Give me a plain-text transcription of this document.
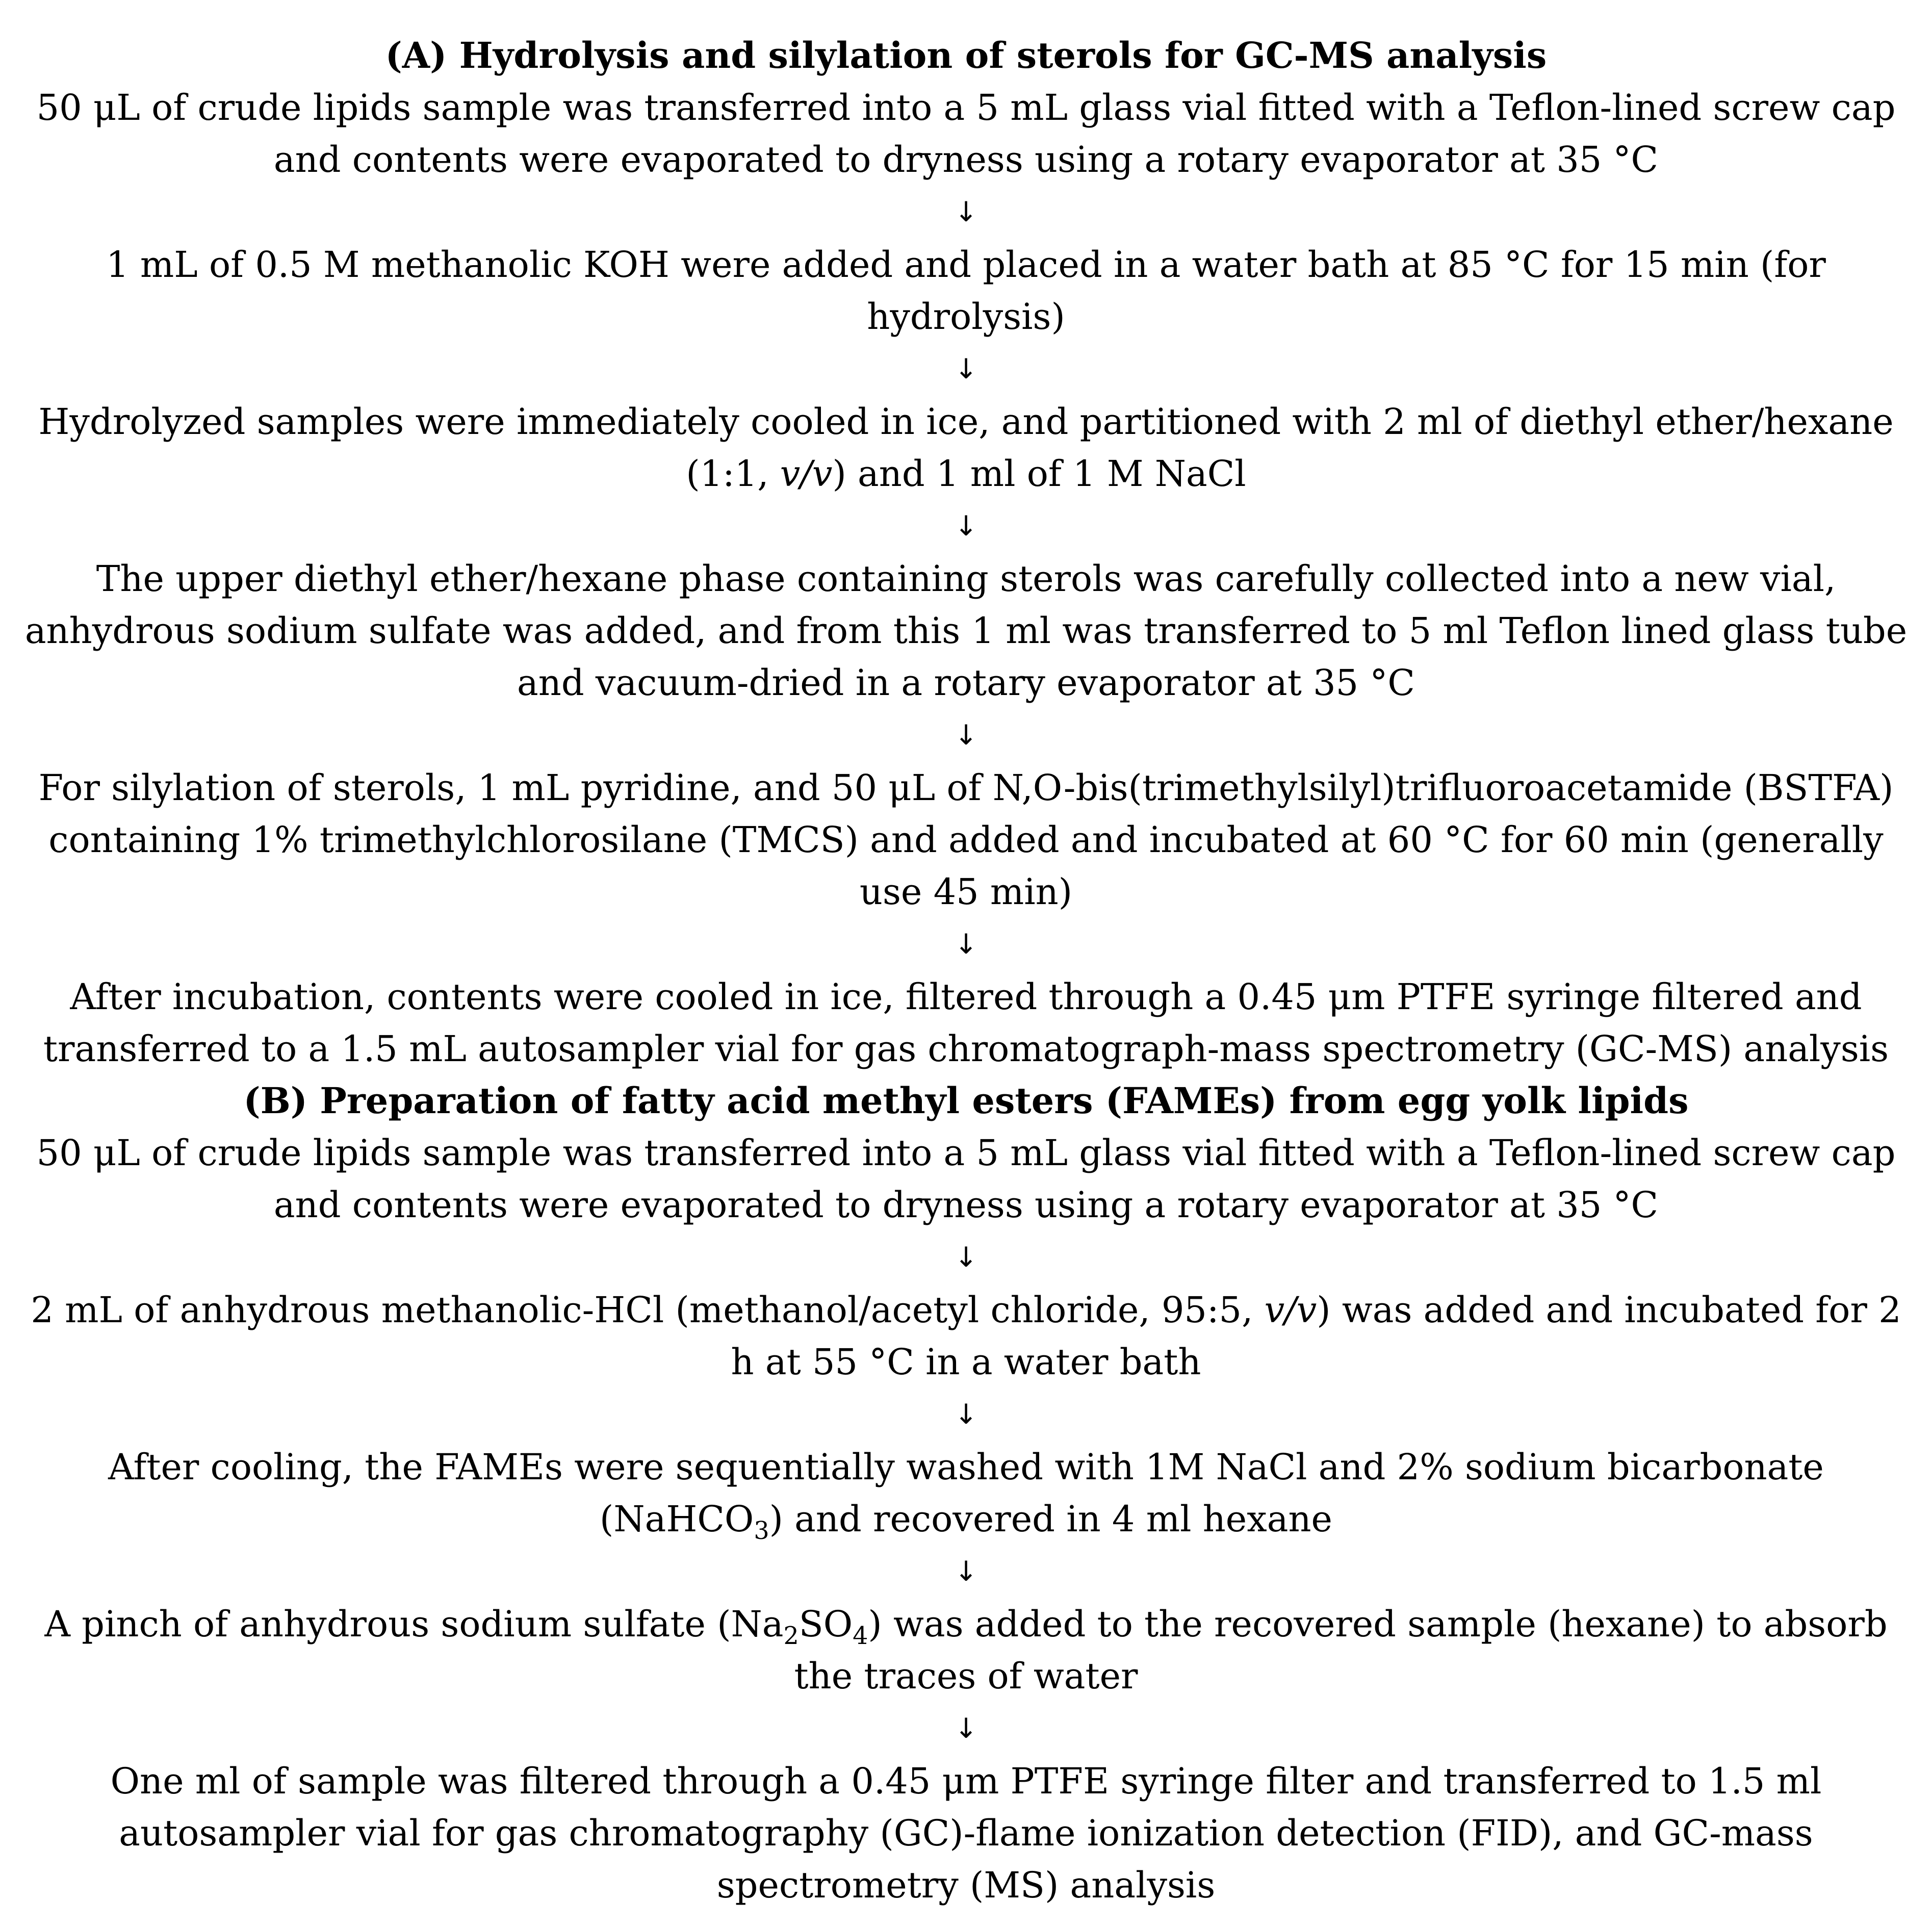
(A) Hydrolysis and silylation of sterols for GC-MS analysis
50 μL of crude lipids sample was transferred into a 5 mL glass vial fitted with a Teflon-lined screw cap and contents were evaporated to dryness using a rotary evaporator at 35 °C
↓
1 mL of 0.5 M methanolic KOH were added and placed in a water bath at 85 °C for 15 min (for hydrolysis)
↓
Hydrolyzed samples were immediately cooled in ice, and partitioned with 2 ml of diethyl ether/hexane (1:1, v/v) and 1 ml of 1 M NaCl
↓
The upper diethyl ether/hexane phase containing sterols was carefully collected into a new vial, anhydrous sodium sulfate was added, and from this 1 ml was transferred to 5 ml Teflon lined glass tube and vacuum-dried in a rotary evaporator at 35 °C
↓
For silylation of sterols, 1 mL pyridine, and 50 μL of N,O-bis(trimethylsilyl)trifluoroacetamide (BSTFA) containing 1% trimethylchlorosilane (TMCS) and added and incubated at 60 °C for 60 min (generally use 45 min)
↓
After incubation, contents were cooled in ice, filtered through a 0.45 μm PTFE syringe filtered and transferred to a 1.5 mL autosampler vial for gas chromatograph-mass spectrometry (GC-MS) analysis
(B) Preparation of fatty acid methyl esters (FAMEs) from egg yolk lipids
50 μL of crude lipids sample was transferred into a 5 mL glass vial fitted with a Teflon-lined screw cap and contents were evaporated to dryness using a rotary evaporator at 35 °C
↓
2 mL of anhydrous methanolic-HCl (methanol/acetyl chloride, 95:5, v/v) was added and incubated for 2 h at 55 °C in a water bath
↓
After cooling, the FAMEs were sequentially washed with 1M NaCl and 2% sodium bicarbonate (NaHCO$_3$) and recovered in 4 ml hexane
↓
A pinch of anhydrous sodium sulfate $(Na_2SO_4)$ was added to the recovered sample (hexane) to absorb the traces of water
↓
One ml of sample was filtered through a 0.45 μm PTFE syringe filter and transferred to 1.5 ml autosampler vial for gas chromatography (GC)-flame ionization detection (FID), and GC-mass spectrometry (MS) analysis
